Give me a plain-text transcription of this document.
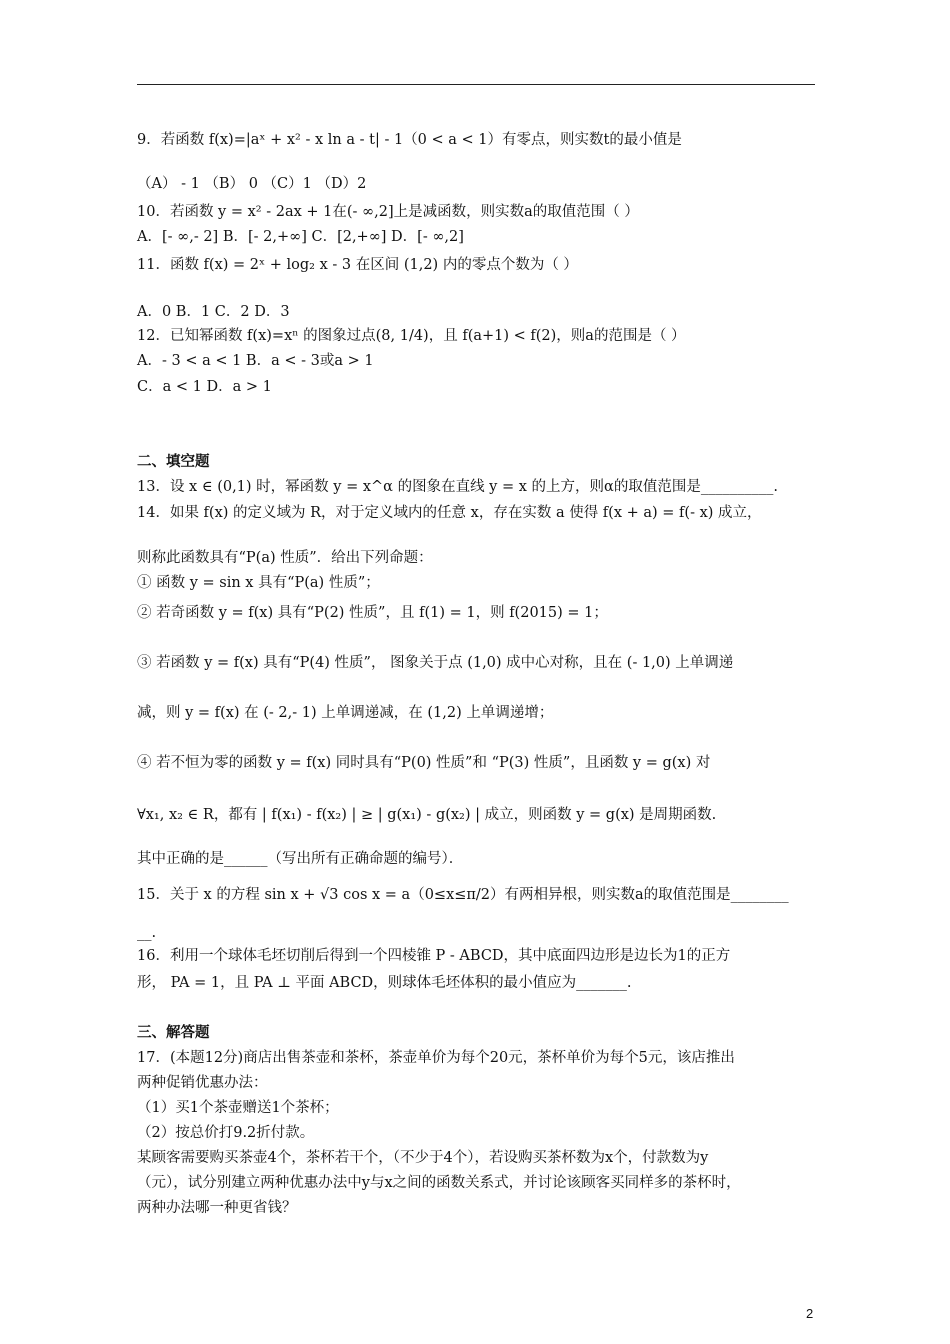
9．若函数 f(x)=|aˣ + x² - x ln a - t| - 1（0 < a < 1）有零点，则实数t的最小值是
（A） - 1 （B） 0 （C）1 （D）2
10．若函数 y = x² - 2ax + 1在(- ∞,2]上是减函数，则实数a的取值范围（ ）
A．[- ∞,- 2] B．[- 2,+∞] C．[2,+∞] D．[- ∞,2]
11．函数 f(x) = 2ˣ + log₂ x - 3 在区间 (1,2) 内的零点个数为（ ）
A．0 B．1 C．2 D．3
12．已知幂函数 f(x)=xⁿ 的图象过点(8, 1/4)，且 f(a+1) < f(2)，则a的范围是（ ）
A．- 3 < a < 1 B．a < - 3或a > 1
C．a < 1 D．a > 1
二、填空题
13．设 x ∈ (0,1) 时，幂函数 y = x^α 的图象在直线 y = x 的上方，则α的取值范围是__________.
14．如果 f(x) 的定义域为 R，对于定义域内的任意 x，存在实数 a 使得 f(x + a) = f(- x) 成立，
则称此函数具有“P(a) 性质”．给出下列命题：
① 函数 y = sin x 具有“P(a) 性质”；
② 若奇函数 y = f(x) 具有“P(2) 性质”，且 f(1) = 1，则 f(2015) = 1；
③ 若函数 y = f(x) 具有“P(4) 性质”， 图象关于点 (1,0) 成中心对称，且在 (- 1,0) 上单调递
减，则 y = f(x) 在 (- 2,- 1) 上单调递减，在 (1,2) 上单调递增；
④ 若不恒为零的函数 y = f(x) 同时具有“P(0) 性质”和 “P(3) 性质”，且函数 y = g(x) 对
∀x₁, x₂ ∈ R，都有 | f(x₁) - f(x₂) | ≥ | g(x₁) - g(x₂) | 成立，则函数 y = g(x) 是周期函数.
其中正确的是______（写出所有正确命题的编号）．
15．关于 x 的方程 sin x + √3 cos x = a（0≤x≤π/2）有两相异根，则实数a的取值范围是________
__.
16．利用一个球体毛坯切削后得到一个四棱锥 P - ABCD，其中底面四边形是边长为1的正方
形， PA = 1，且 PA ⊥ 平面 ABCD，则球体毛坯体积的最小值应为_______.
三、解答题
17．(本题12分)商店出售茶壶和茶杯，茶壶单价为每个20元，茶杯单价为每个5元，该店推出
两种促销优惠办法：
（1）买1个茶壶赠送1个茶杯；
（2）按总价打9.2折付款。
某顾客需要购买茶壶4个，茶杯若干个，（不少于4个），若设购买茶杯数为x个，付款数为y
（元），试分别建立两种优惠办法中y与x之间的函数关系式，并讨论该顾客买同样多的茶杯时，
两种办法哪一种更省钱？
2
